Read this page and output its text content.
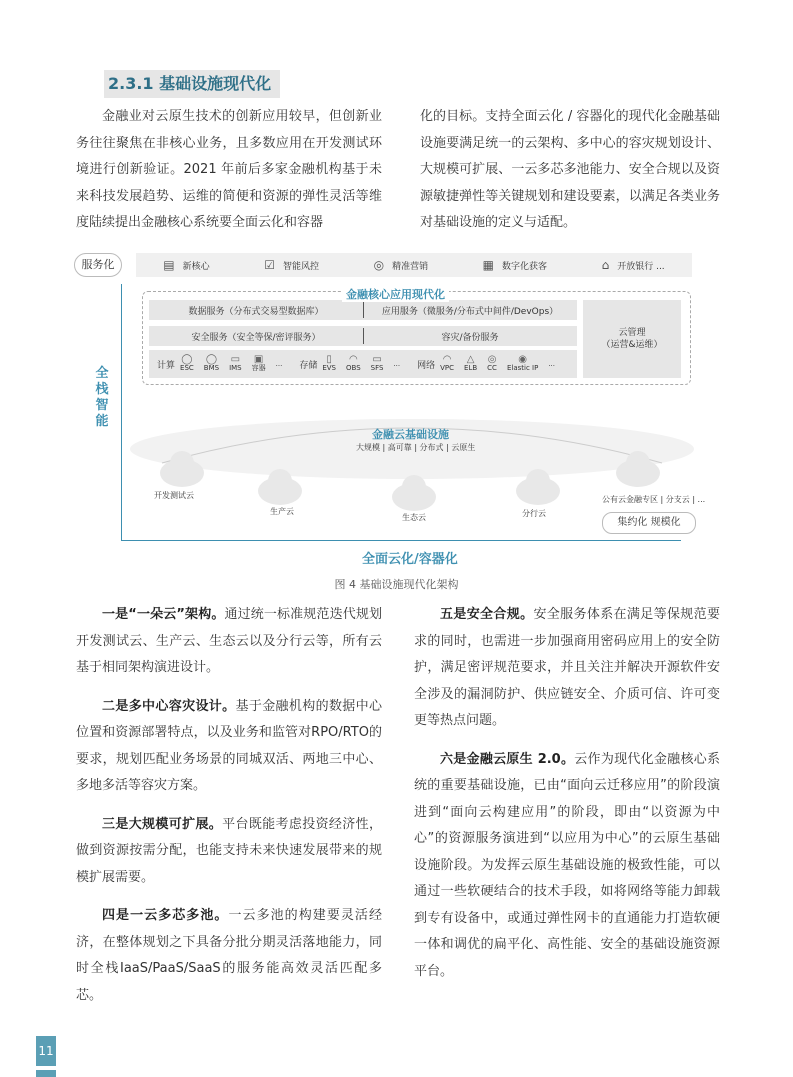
2.3.1 基础设施现代化

金融业对云原生技术的创新应用较早，但创新业务往往聚焦在非核心业务，且多数应用在开发测试环境进行创新验证。2021 年前后多家金融机构基于未来科技发展趋势、运维的简便和资源的弹性灵活等维度陆续提出金融核心系统要全面云化和容器

化的目标。支持全面云化 / 容器化的现代化金融基础设施要满足统一的云架构、多中心的容灾规划设计、大规模可扩展、一云多芯多池能力、安全合规以及资源敏捷弹性等关键规划和建设要素，以满足各类业务对基础设施的定义与适配。

服务化	▤ 新核心	☑ 智能风控	◎ 精准营销	▦ 数字化获客	⌂ 开放银行 ...
全栈智能
数据服务（分布式交易型数据库）	应用服务（微服务/分布式中间件/DevOps）
安全服务（安全等保/密评服务）	容灾/备份服务
计算
◯
ESC
◯
BMS
▭
IMS
▣
容器
... 存储
▯
EVS
◠
OBS
▭
SFS
... 网络
◠
VPC
△
ELB
◎
CC
◉
Elastic IP
...
云管理
（运营&运维）
金融核心应用现代化
金融云基础设施
大规模 | 高可靠 | 分布式 | 云原生
开发测试云
生产云
生态云	分行云
公有云金融专区 | 分支云 | ...
集约化 规模化
全面云化/容器化
图 4 基础设施现代化架构

一是“一朵云”架构。通过统一标准规范迭代规划开发测试云、生产云、生态云以及分行云等，所有云基于相同架构演进设计。

二是多中心容灾设计。基于金融机构的数据中心位置和资源部署特点，以及业务和监管对RPO/RTO的要求，规划匹配业务场景的同城双活、两地三中心、多地多活等容灾方案。

三是大规模可扩展。平台既能考虑投资经济性，做到资源按需分配，也能支持未来快速发展带来的规模扩展需要。

四是一云多芯多池。一云多池的构建要灵活经济，在整体规划之下具备分批分期灵活落地能力，同时全栈IaaS/PaaS/SaaS的服务能高效灵活匹配多芯。

五是安全合规。安全服务体系在满足等保规范要求的同时，也需进一步加强商用密码应用上的安全防护，满足密评规范要求，并且关注并解决开源软件安全涉及的漏洞防护、供应链安全、介质可信、许可变更等热点问题。

六是金融云原生 2.0。云作为现代化金融核心系统的重要基础设施，已由“面向云迁移应用”的阶段演进到“面向云构建应用”的阶段，即由“以资源为中心”的资源服务演进到“以应用为中心”的云原生基础设施阶段。为发挥云原生基础设施的极致性能，可以通过一些软硬结合的技术手段，如将网络等能力卸载到专有设备中，或通过弹性网卡的直通能力打造软硬一体和调优的扁平化、高性能、安全的基础设施资源平台。

11
